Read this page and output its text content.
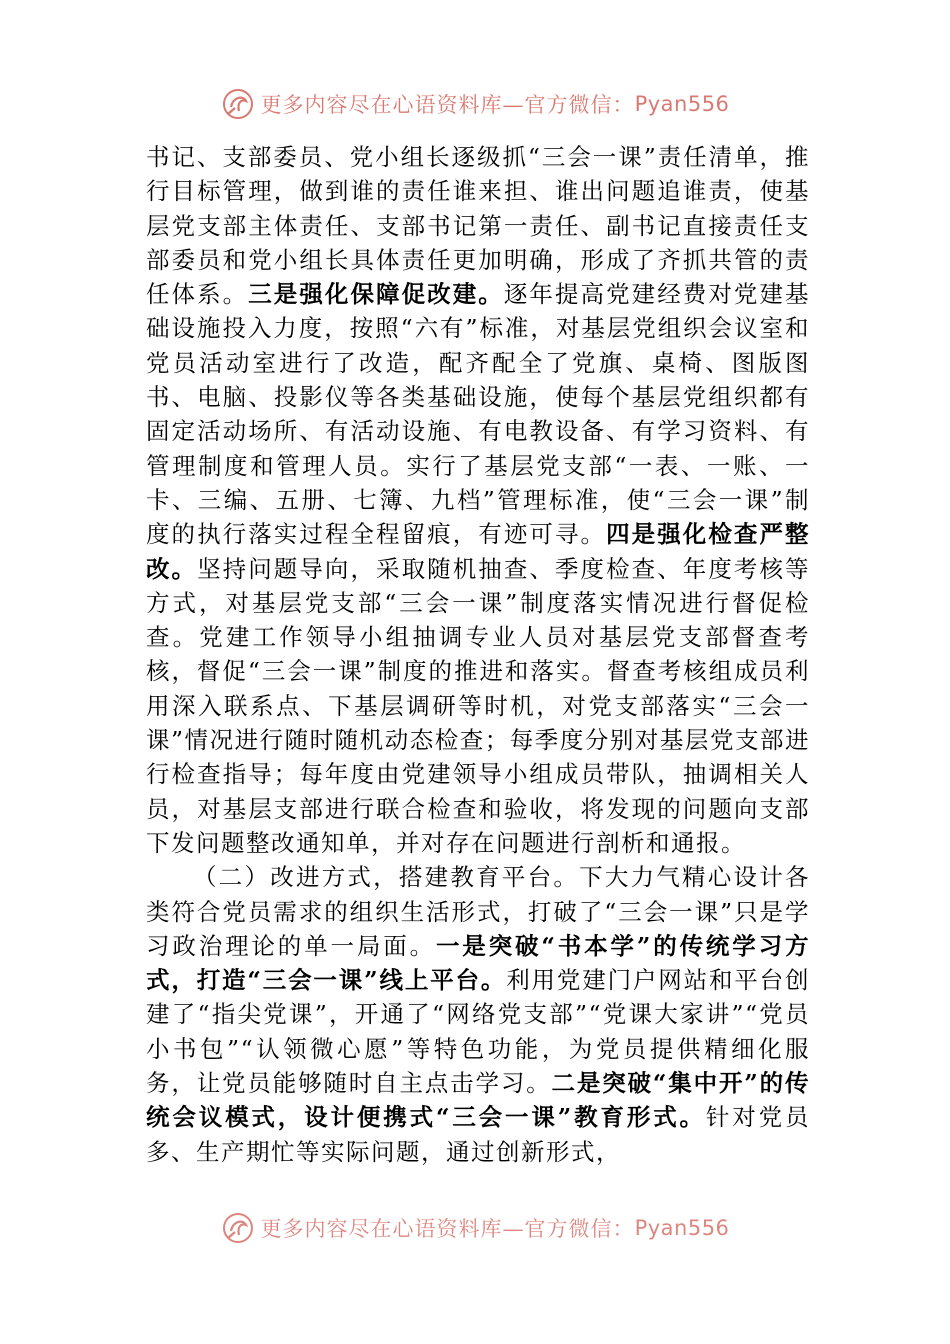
更多内容尽在心语资料库—官方微信： Pyan556

书记、支部委员、党小组长逐级抓“三会一课”责任清单，推行目标管理，做到谁的责任谁来担、谁出问题追谁责，使基层党支部主体责任、支部书记第一责任、副书记直接责任支部委员和党小组长具体责任更加明确，形成了齐抓共管的责任体系。三是强化保障促改建。逐年提高党建经费对党建基础设施投入力度，按照“六有”标准，对基层党组织会议室和党员活动室进行了改造，配齐配全了党旗、桌椅、图版图书、电脑、投影仪等各类基础设施，使每个基层党组织都有固定活动场所、有活动设施、有电教设备、有学习资料、有管理制度和管理人员。实行了基层党支部“一表、一账、一卡、三编、五册、七簿、九档”管理标准，使“三会一课”制度的执行落实过程全程留痕，有迹可寻。四是强化检查严整改。坚持问题导向，采取随机抽查、季度检查、年度考核等方式，对基层党支部“三会一课”制度落实情况进行督促检查。党建工作领导小组抽调专业人员对基层党支部督查考核，督促“三会一课”制度的推进和落实。督查考核组成员利用深入联系点、下基层调研等时机，对党支部落实“三会一课”情况进行随时随机动态检查；每季度分别对基层党支部进行检查指导；每年度由党建领导小组成员带队，抽调相关人员，对基层支部进行联合检查和验收，将发现的问题向支部下发问题整改通知单，并对存在问题进行剖析和通报。

（二）改进方式，搭建教育平台。下大力气精心设计各类符合党员需求的组织生活形式，打破了“三会一课”只是学习政治理论的单一局面。一是突破“书本学”的传统学习方式，打造“三会一课”线上平台。利用党建门户网站和平台创建了“指尖党课”，开通了“网络党支部”“党课大家讲”“党员小书包”“认领微心愿”等特色功能，为党员提供精细化服务，让党员能够随时自主点击学习。二是突破“集中开”的传统会议模式，设计便携式“三会一课”教育形式。针对党员多、生产期忙等实际问题，通过创新形式，

更多内容尽在心语资料库—官方微信： Pyan556
